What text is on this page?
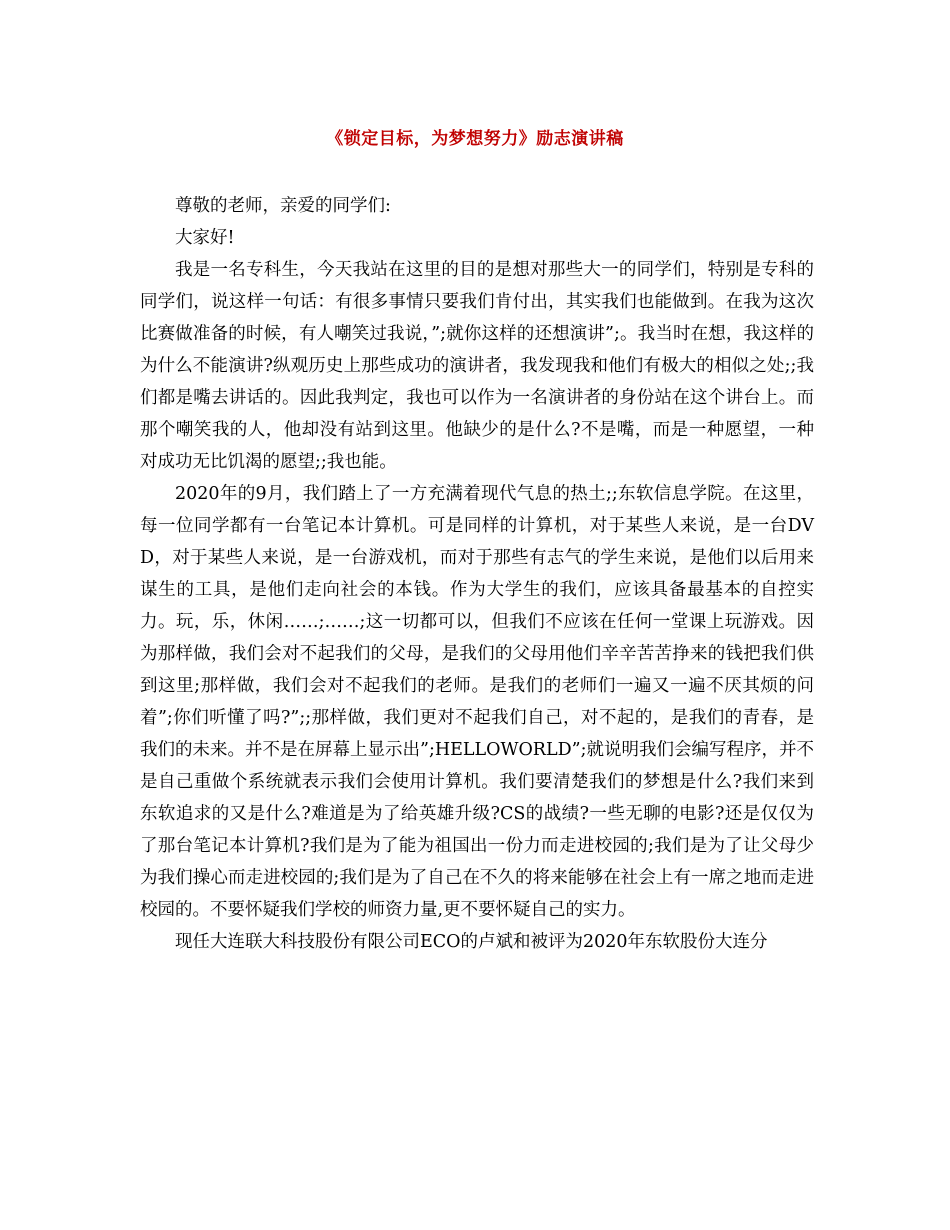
《锁定目标，为梦想努力》励志演讲稿

尊敬的老师，亲爱的同学们:

大家好!

我是一名专科生，今天我站在这里的目的是想对那些大一的同学们，特别是专科的同学们，说这样一句话：有很多事情只要我们肯付出，其实我们也能做到。在我为这次比赛做准备的时候，有人嘲笑过我说，”;就你这样的还想演讲”;。我当时在想，我这样的为什么不能演讲?纵观历史上那些成功的演讲者，我发现我和他们有极大的相似之处;;我们都是嘴去讲话的。因此我判定，我也可以作为一名演讲者的身份站在这个讲台上。而那个嘲笑我的人，他却没有站到这里。他缺少的是什么?不是嘴，而是一种愿望，一种对成功无比饥渴的愿望;;我也能。

2020年的9月，我们踏上了一方充满着现代气息的热土;;东软信息学院。在这里，每一位同学都有一台笔记本计算机。可是同样的计算机，对于某些人来说，是一台DVD，对于某些人来说，是一台游戏机，而对于那些有志气的学生来说，是他们以后用来谋生的工具，是他们走向社会的本钱。作为大学生的我们，应该具备最基本的自控实力。玩，乐，休闲……;……;这一切都可以，但我们不应该在任何一堂课上玩游戏。因为那样做，我们会对不起我们的父母，是我们的父母用他们辛辛苦苦挣来的钱把我们供到这里;那样做，我们会对不起我们的老师。是我们的老师们一遍又一遍不厌其烦的问着”;你们听懂了吗?”;;那样做，我们更对不起我们自己，对不起的，是我们的青春，是我们的未来。并不是在屏幕上显示出”;HELLOWORLD”;就说明我们会编写程序，并不是自己重做个系统就表示我们会使用计算机。我们要清楚我们的梦想是什么?我们来到东软追求的又是什么?难道是为了给英雄升级?CS的战绩?一些无聊的电影?还是仅仅为了那台笔记本计算机?我们是为了能为祖国出一份力而走进校园的;我们是为了让父母少为我们操心而走进校园的;我们是为了自己在不久的将来能够在社会上有一席之地而走进校园的。不要怀疑我们学校的师资力量,更不要怀疑自己的实力。

现任大连联大科技股份有限公司ECO的卢斌和被评为2020年东软股份大连分
